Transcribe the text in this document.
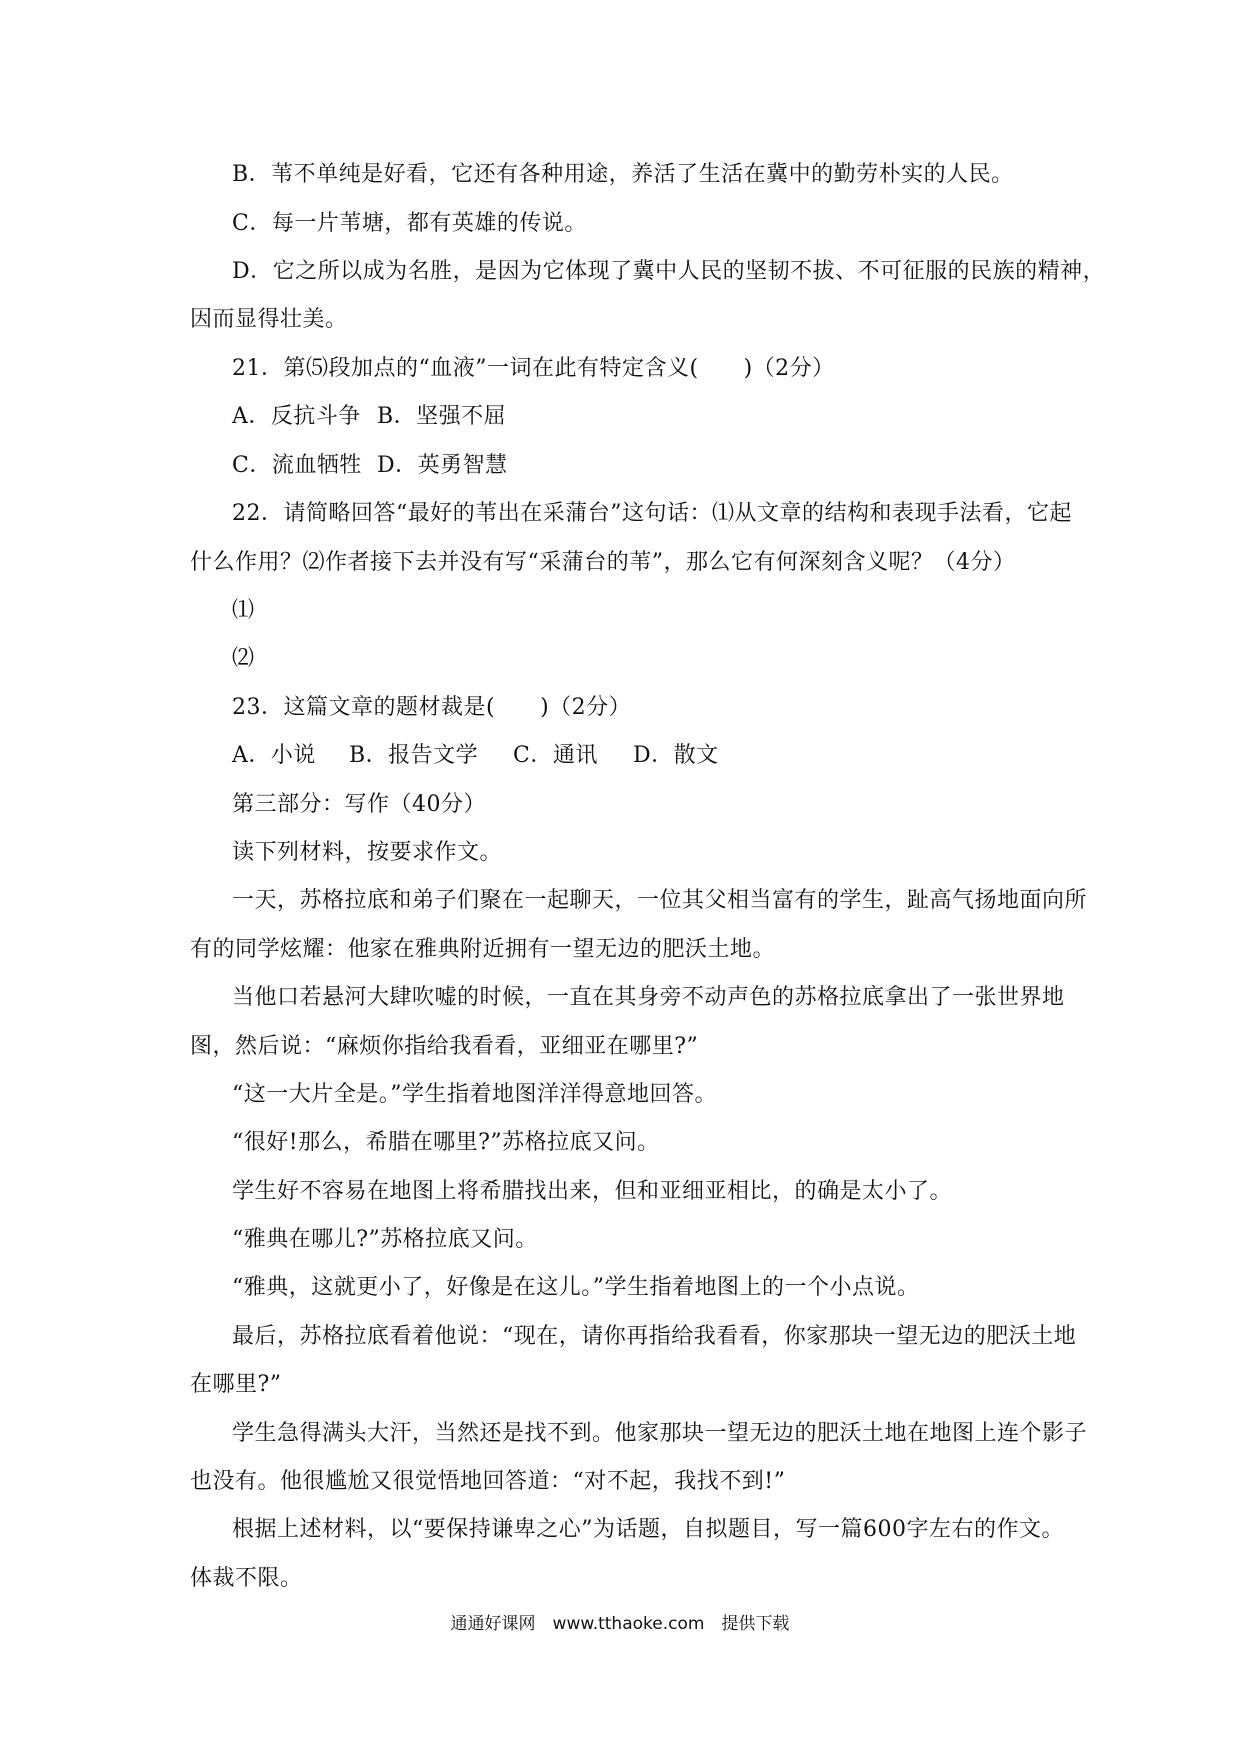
B．苇不单纯是好看，它还有各种用途，养活了生活在冀中的勤劳朴实的人民。
C．每一片苇塘，都有英雄的传说。
D．它之所以成为名胜，是因为它体现了冀中人民的坚韧不拔、不可征服的民族的精神，
因而显得壮美。
21．第⑸段加点的“血液”一词在此有特定含义(　　)（2分）
A．反抗斗争 B．坚强不屈
C．流血牺牲 D．英勇智慧
22．请简略回答“最好的苇出在采蒲台”这句话：⑴从文章的结构和表现手法看，它起
什么作用？⑵作者接下去并没有写“采蒲台的苇”，那么它有何深刻含义呢？（4分）
⑴
⑵
23．这篇文章的题材裁是(　　)（2分）
A．小说 B．报告文学 C．通讯 D．散文
第三部分：写作（40分）
读下列材料，按要求作文。
一天，苏格拉底和弟子们聚在一起聊天，一位其父相当富有的学生，趾高气扬地面向所
有的同学炫耀：他家在雅典附近拥有一望无边的肥沃土地。
当他口若悬河大肆吹嘘的时候，一直在其身旁不动声色的苏格拉底拿出了一张世界地
图，然后说：“麻烦你指给我看看，亚细亚在哪里?”
“这一大片全是。”学生指着地图洋洋得意地回答。
“很好!那么，希腊在哪里?”苏格拉底又问。
学生好不容易在地图上将希腊找出来，但和亚细亚相比，的确是太小了。
“雅典在哪儿?”苏格拉底又问。
“雅典，这就更小了，好像是在这儿。”学生指着地图上的一个小点说。
最后，苏格拉底看着他说：“现在，请你再指给我看看，你家那块一望无边的肥沃土地
在哪里?”
学生急得满头大汗，当然还是找不到。他家那块一望无边的肥沃土地在地图上连个影子
也没有。他很尴尬又很觉悟地回答道：“对不起，我找不到!”
根据上述材料，以“要保持谦卑之心”为话题，自拟题目，写一篇600字左右的作文。
体裁不限。
通通好课网　www.tthaoke.com　提供下载
